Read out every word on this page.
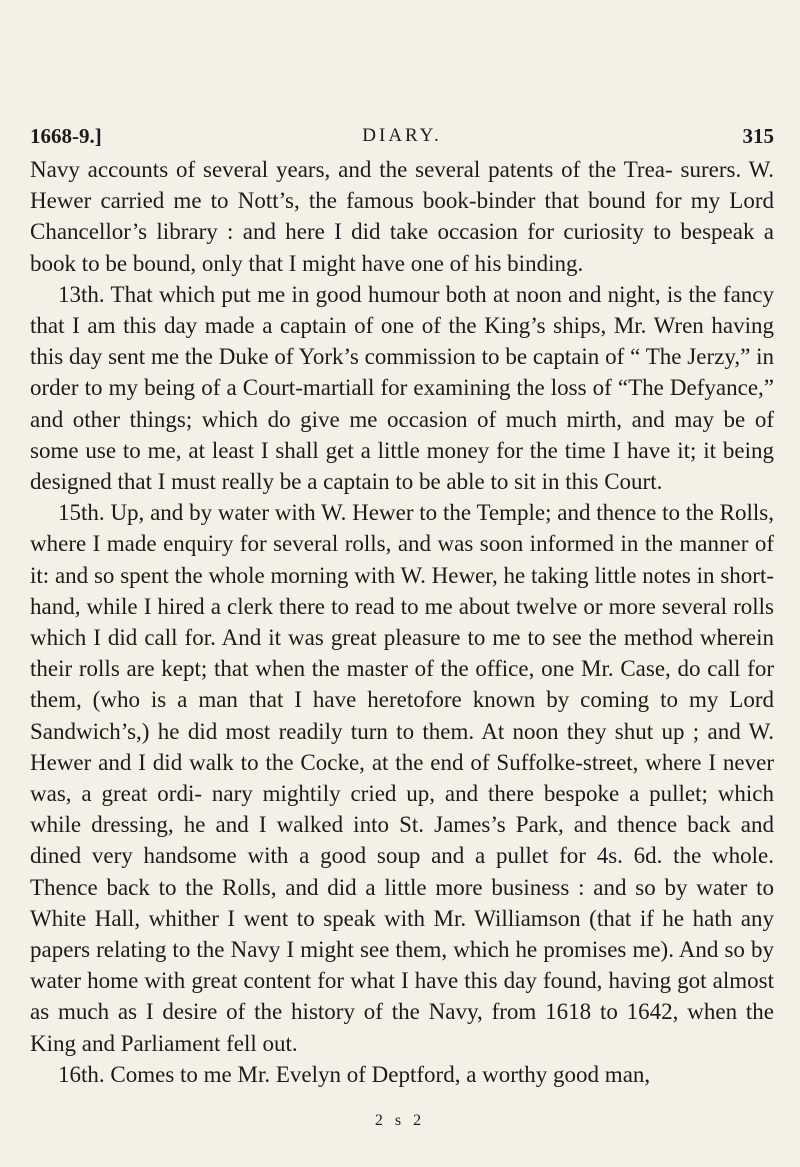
1668-9.]	DIARY.	315

Navy accounts of several years, and the several patents of the Trea- surers. W. Hewer carried me to Nott’s, the famous book-binder that bound for my Lord Chancellor’s library : and here I did take occasion for curiosity to bespeak a book to be bound, only that I might have one of his binding.

13th. That which put me in good humour both at noon and night, is the fancy that I am this day made a captain of one of the King’s ships, Mr. Wren having this day sent me the Duke of York’s commission to be captain of “ The Jerzy,” in order to my being of a Court-martiall for examining the loss of “The Defyance,” and other things; which do give me occasion of much mirth, and may be of some use to me, at least I shall get a little money for the time I have it; it being designed that I must really be a captain to be able to sit in this Court.

15th. Up, and by water with W. Hewer to the Temple; and thence to the Rolls, where I made enquiry for several rolls, and was soon informed in the manner of it: and so spent the whole morning with W. Hewer, he taking little notes in short-hand, while I hired a clerk there to read to me about twelve or more several rolls which I did call for. And it was great pleasure to me to see the method wherein their rolls are kept; that when the master of the office, one Mr. Case, do call for them, (who is a man that I have heretofore known by coming to my Lord Sandwich’s,) he did most readily turn to them. At noon they shut up ; and W. Hewer and I did walk to the Cocke, at the end of Suffolke-street, where I never was, a great ordi- nary mightily cried up, and there bespoke a pullet; which while dressing, he and I walked into St. James’s Park, and thence back and dined very handsome with a good soup and a pullet for 4s. 6d. the whole. Thence back to the Rolls, and did a little more business : and so by water to White Hall, whither I went to speak with Mr. Williamson (that if he hath any papers relating to the Navy I might see them, which he promises me). And so by water home with great content for what I have this day found, having got almost as much as I desire of the history of the Navy, from 1618 to 1642, when the King and Parliament fell out.

16th. Comes to me Mr. Evelyn of Deptford, a worthy good man,

2 s 2
